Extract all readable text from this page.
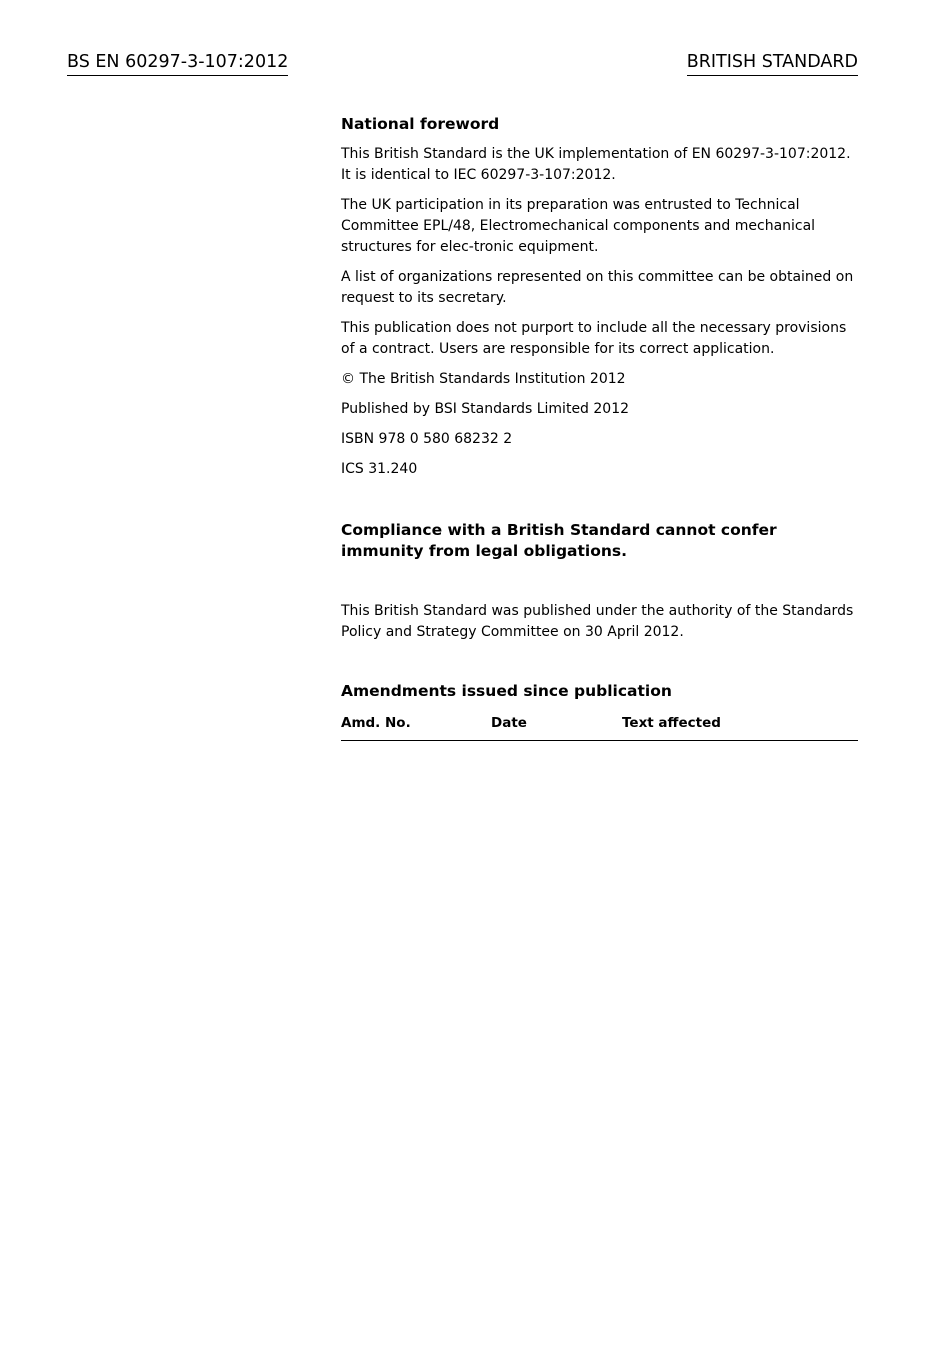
BS EN 60297-3-107:2012	BRITISH STANDARD
National foreword
This British Standard is the UK implementation of EN 60297-3-107:2012. It is identical to IEC 60297-3-107:2012.
The UK participation in its preparation was entrusted to Technical Committee EPL/48, Electromechanical components and mechanical structures for elec-tronic equipment.
A list of organizations represented on this committee can be obtained on request to its secretary.
This publication does not purport to include all the necessary provisions of a contract. Users are responsible for its correct application.
© The British Standards Institution 2012
Published by BSI Standards Limited 2012
ISBN 978 0 580 68232 2
ICS 31.240
Compliance with a British Standard cannot confer immunity from legal obligations.
This British Standard was published under the authority of the Standards Policy and Strategy Committee on 30 April 2012.
Amendments issued since publication
Amd. No.	Date	Text affected
